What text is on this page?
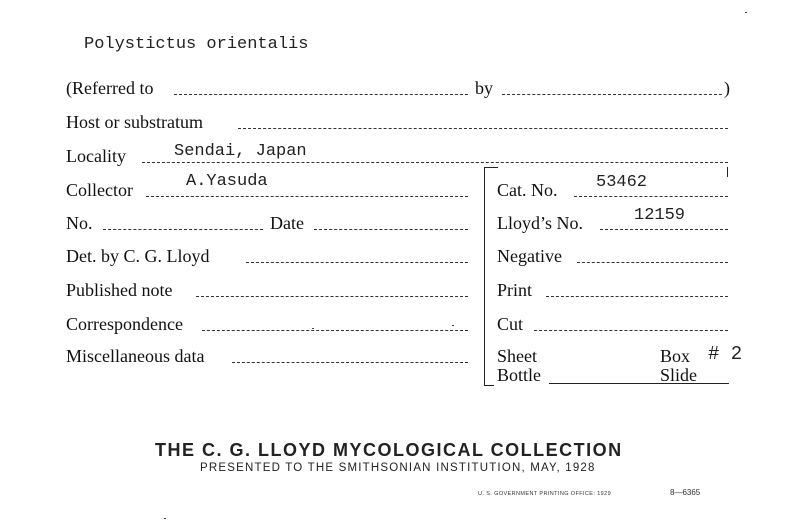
Polystictus orientalis
(Referred to	by	)
Host or substratum
Locality	Sendai, Japan
Collector	A.Yasuda	Cat. No. 53462
No.	Date	Lloyd’s No.	12159
Det. by C. G. Lloyd	Negative
Published note	Print
Correspondence	Cut
Miscellaneous data	Sheet	Box # 2
Bottle	Slide
THE C. G. LLOYD MYCOLOGICAL COLLECTION
PRESENTED TO THE SMITHSONIAN INSTITUTION, MAY, 1928
U. S. GOVERNMENT PRINTING OFFICE: 1929	8—6365
